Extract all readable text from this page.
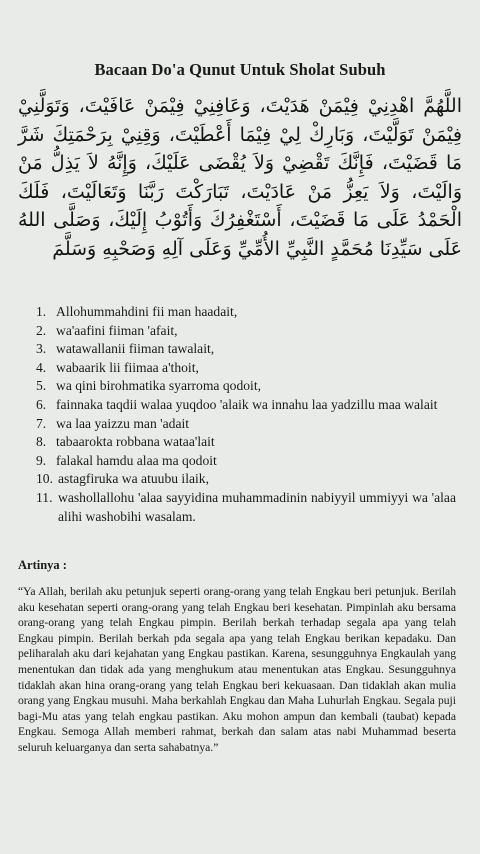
Bacaan Do'a Qunut Untuk Sholat Subuh
اللَّهُمَّ اهْدِنِيْ فِيْمَنْ هَدَيْتَ، وَعَافِنِيْ فِيْمَنْ عَافَيْتَ، وَتَوَلَّنِيْ فِيْمَنْ تَوَلَّيْتَ، وَبَارِكْ لِيْ فِيْمَا أَعْطَيْتَ، وَقِنِيْ بِرَحْمَتِكَ شَرَّ مَا قَضَيْتَ، فَإِنَّكَ تَقْضِيْ وَلاَ يُقْضَى عَلَيْكَ، وَإِنَّهُ لاَ يَذِلُّ مَنْ وَالَيْتَ، وَلاَ يَعِزُّ مَنْ عَادَيْتَ، تَبَارَكْتَ رَبَّنَا وَتَعَالَيْتَ، فَلَكَ الْحَمْدُ عَلَى مَا قَضَيْتَ، أَسْتَغْفِرُكَ وَأَتُوْبُ إِلَيْكَ، وَصَلَّى اللهُ عَلَى سَيِّدِنَا مُحَمَّدٍ النَّبِيِّ الأُمِّيِّ وَعَلَى آلِهِ وَصَحْبِهِ وَسَلَّمَ
1. Allohummahdini fii man haadait,
2. wa'aafini fiiman 'afait,
3. watawallanii fiiman tawalait,
4. wabaarik lii fiimaa a'thoit,
5. wa qini birohmatika syarroma qodoit,
6. fainnaka taqdii walaa yuqdoo 'alaik wa innahu laa yadzillu maa walait
7. wa laa yaizzu man 'adait
8. tabaarokta robbana wataa'lait
9. falakal hamdu alaa ma qodoit
10. astagfiruka wa atuubu ilaik,
11. washollallohu 'alaa sayyidina muhammadinin nabiyyil ummiyyi wa 'alaa alihi washobihi wasalam.
Artinya :

“Ya Allah, berilah aku petunjuk seperti orang-orang yang telah Engkau beri petunjuk. Berilah aku kesehatan seperti orang-orang yang telah Engkau beri kesehatan. Pimpinlah aku bersama orang-orang yang telah Engkau pimpin. Berilah berkah terhadap segala apa yang telah Engkau pimpin. Berilah berkah pda segala apa yang telah Engkau berikan kepadaku. Dan peliharalah aku dari kejahatan yang Engkau pastikan. Karena, sesungguhnya Engkaulah yang menentukan dan tidak ada yang menghukum atau menentukan atas Engkau. Sesungguhnya tidaklah akan hina orang-orang yang telah Engkau beri kekuasaan. Dan tidaklah akan mulia orang yang Engkau musuhi. Maha berkahlah Engkau dan Maha Luhurlah Engkau. Segala puji bagi-Mu atas yang telah engkau pastikan. Aku mohon ampun dan kembali (taubat) kepada Engkau. Semoga Allah memberi rahmat, berkah dan salam atas nabi Muhammad beserta seluruh keluarganya dan serta sahabatnya.”
